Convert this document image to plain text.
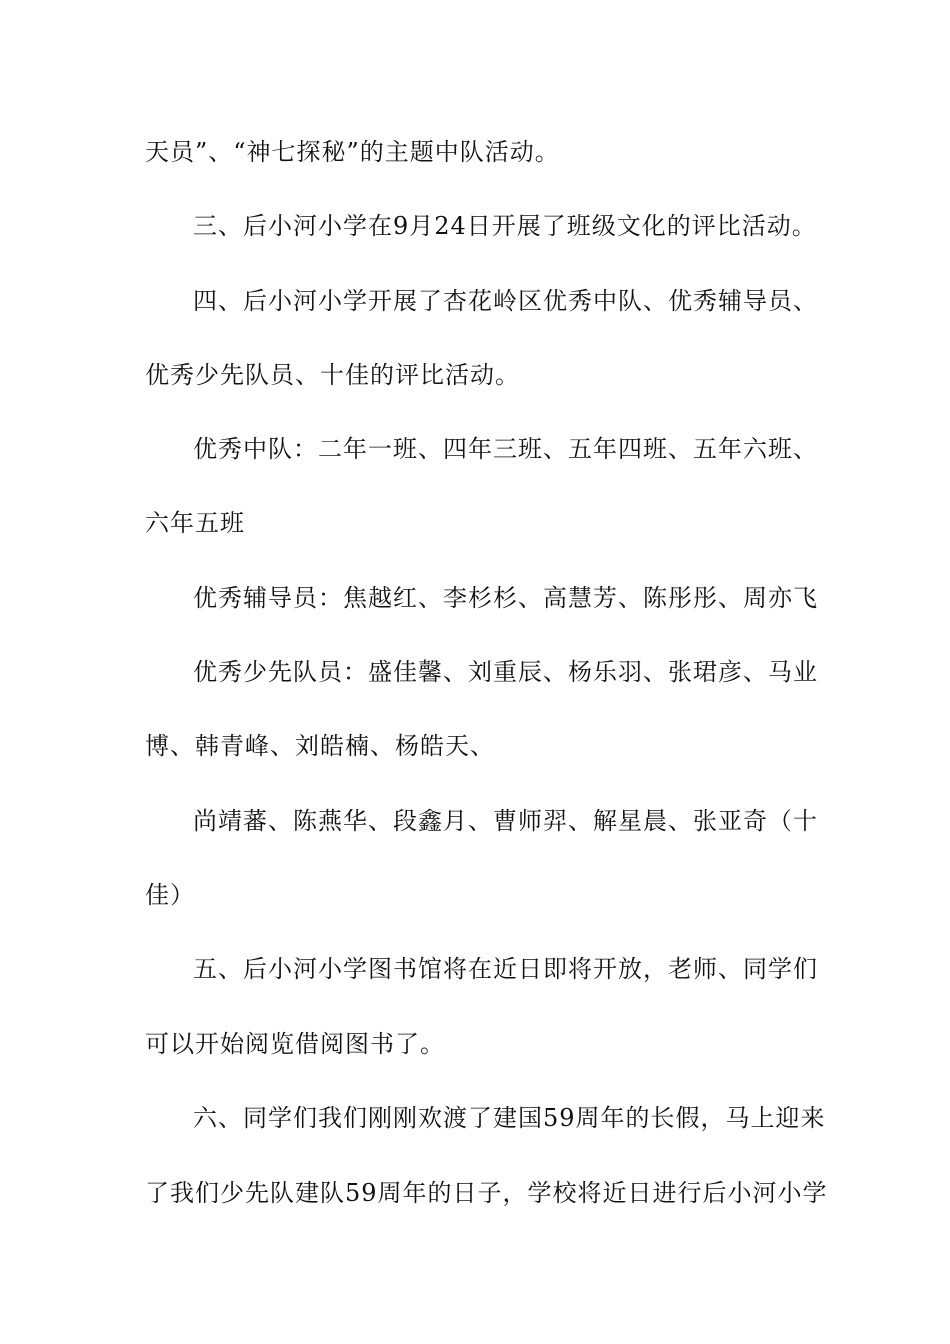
天员”、“神七探秘”的主题中队活动。
三、后小河小学在9月24日开展了班级文化的评比活动。
四、后小河小学开展了杏花岭区优秀中队、优秀辅导员、
优秀少先队员、十佳的评比活动。
优秀中队：二年一班、四年三班、五年四班、五年六班、
六年五班
优秀辅导员：焦越红、李杉杉、高慧芳、陈彤彤、周亦飞
优秀少先队员：盛佳馨、刘重辰、杨乐羽、张珺彦、马业
博、韩青峰、刘皓楠、杨皓天、
尚靖蕃、陈燕华、段鑫月、曹师羿、解星晨、张亚奇（十
佳）
五、后小河小学图书馆将在近日即将开放，老师、同学们
可以开始阅览借阅图书了。
六、同学们我们刚刚欢渡了建国59周年的长假，马上迎来
了我们少先队建队59周年的日子，学校将近日进行后小河小学
